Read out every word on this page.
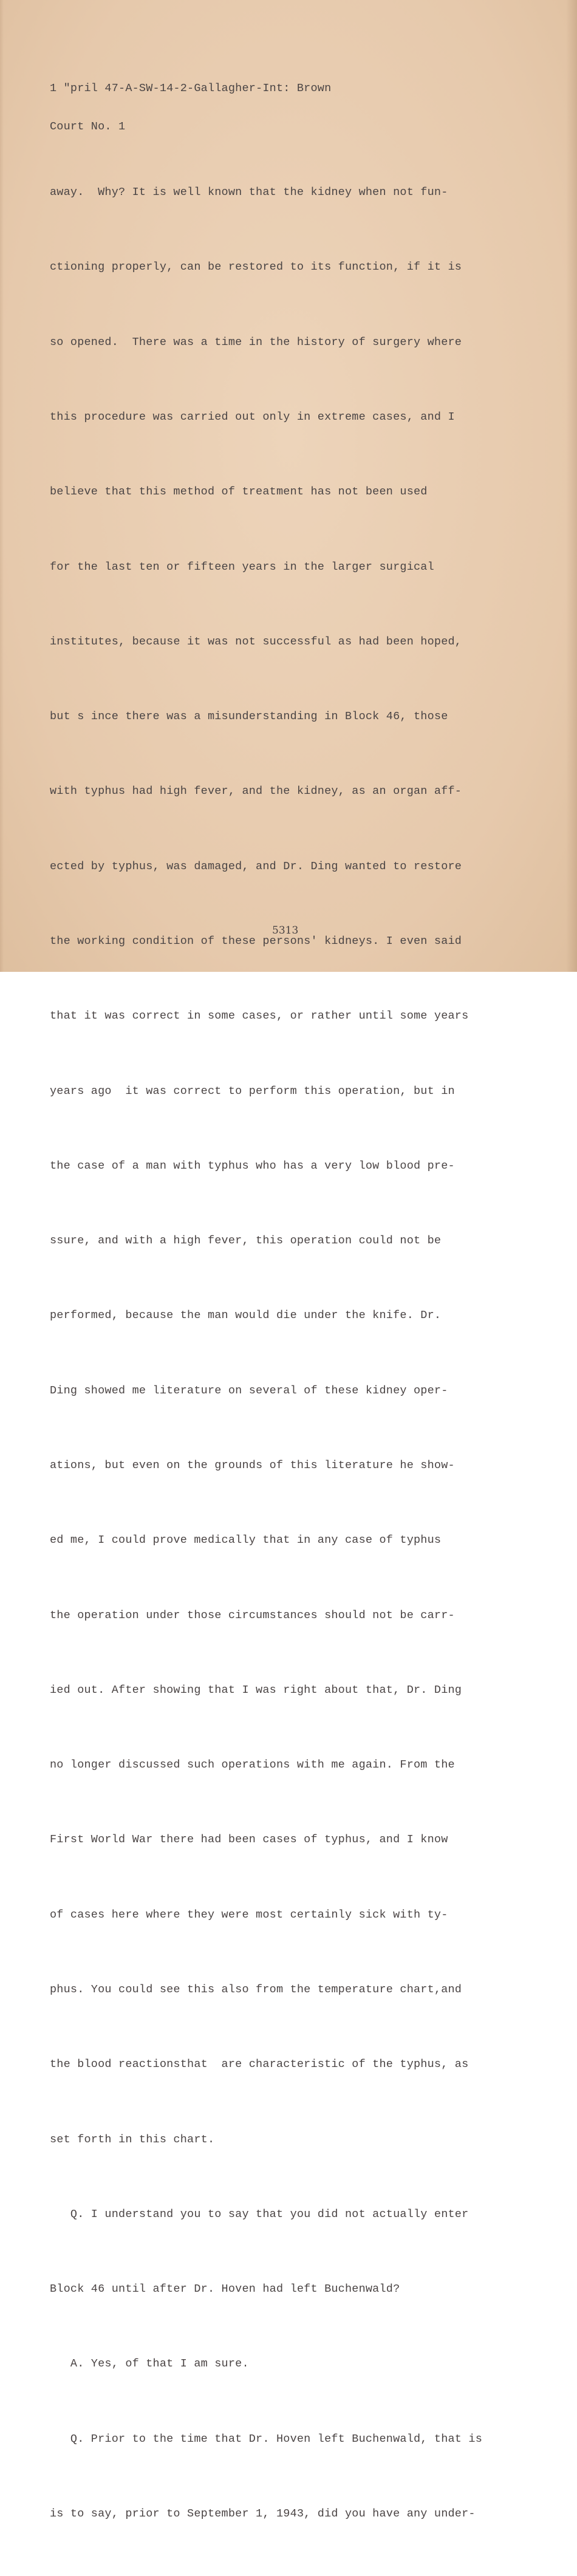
1 "pril 47-A-SW-14-2-Gallagher-Int: Brown

Court No. 1

away.  Why? It is well known that the kidney when not fun-

ctioning properly, can be restored to its function, if it is

so opened.  There was a time in the history of surgery where

this procedure was carried out only in extreme cases, and I

believe that this method of treatment has not been used

for the last ten or fifteen years in the larger surgical

institutes, because it was not successful as had been hoped,

but s ince there was a misunderstanding in Block 46, those

with typhus had high fever, and the kidney, as an organ aff-

ected by typhus, was damaged, and Dr. Ding wanted to restore

the working condition of these persons' kidneys. I even said

that it was correct in some cases, or rather until some years

years ago  it was correct to perform this operation, but in

the case of a man with typhus who has a very low blood pre-

ssure, and with a high fever, this operation could not be

performed, because the man would die under the knife. Dr.

Ding showed me literature on several of these kidney oper-

ations, but even on the grounds of this literature he show-

ed me, I could prove medically that in any case of typhus

the operation under those circumstances should not be carr-

ied out. After showing that I was right about that, Dr. Ding

no longer discussed such operations with me again. From the

First World War there had been cases of typhus, and I know

of cases here where they were most certainly sick with ty-

phus. You could see this also from the temperature chart,and

the blood reactionsthat  are characteristic of the typhus, as

set forth in this chart.

Q. I understand you to say that you did not actually enter

Block 46 until after Dr. Hoven had left Buchenwald?

A. Yes, of that I am sure.

Q. Prior to the time that Dr. Hoven left Buchenwald, that is

is to say, prior to September 1, 1943, did you have any under-

5313
